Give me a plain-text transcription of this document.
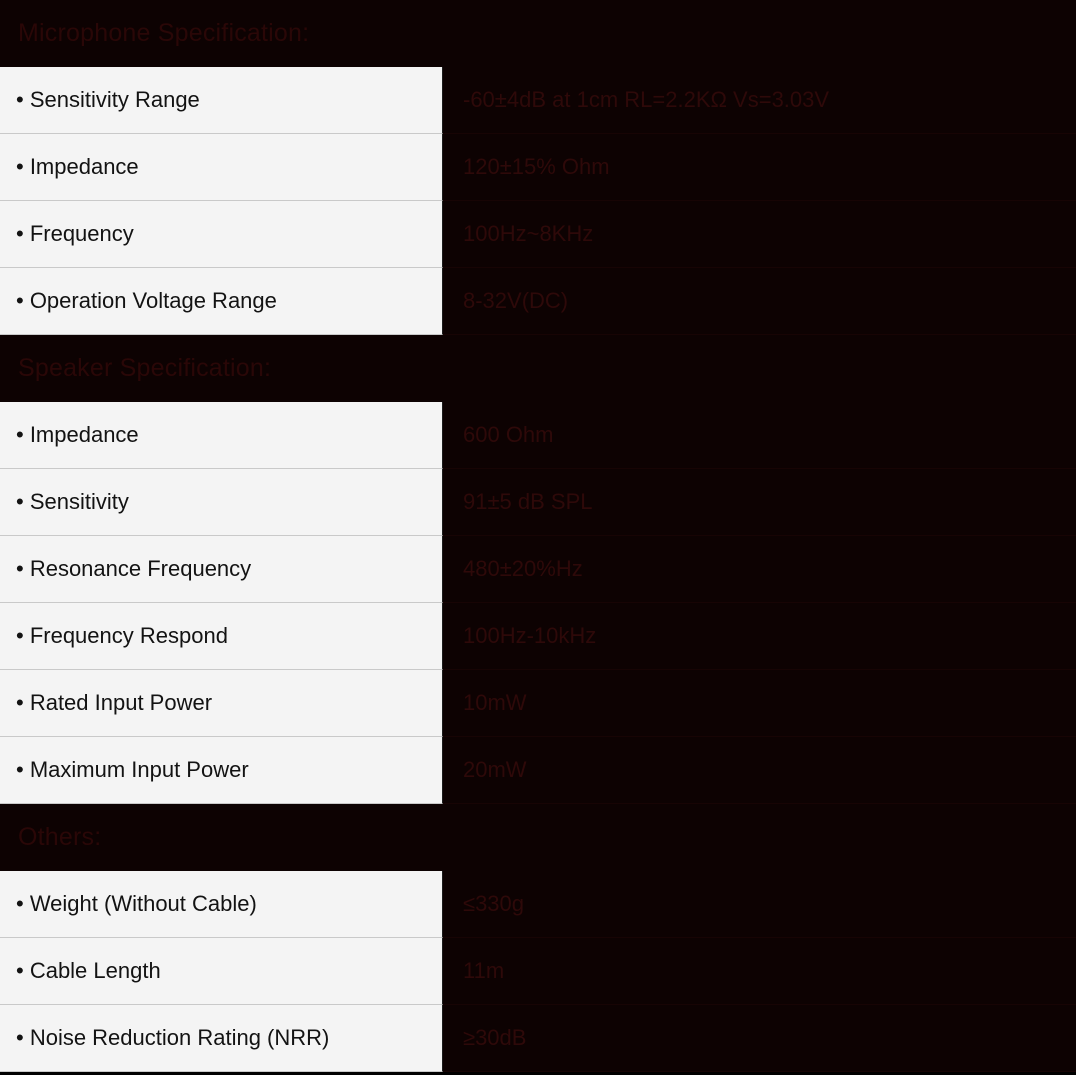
Microphone Specification:
• Sensitivity Range	-60±4dB at 1cm RL=2.2KΩ Vs=3.03V
• Impedance	120±15% Ohm
• Frequency	100Hz~8KHz
• Operation Voltage Range	8-32V(DC)
Speaker Specification:
• Impedance	600 Ohm
• Sensitivity	91±5 dB SPL
• Resonance Frequency	480±20%Hz
• Frequency Respond	100Hz-10kHz
• Rated Input Power	10mW
• Maximum Input Power	20mW
Others:
• Weight (Without Cable)	≤330g
• Cable Length	11m
• Noise Reduction Rating (NRR)	≥30dB
